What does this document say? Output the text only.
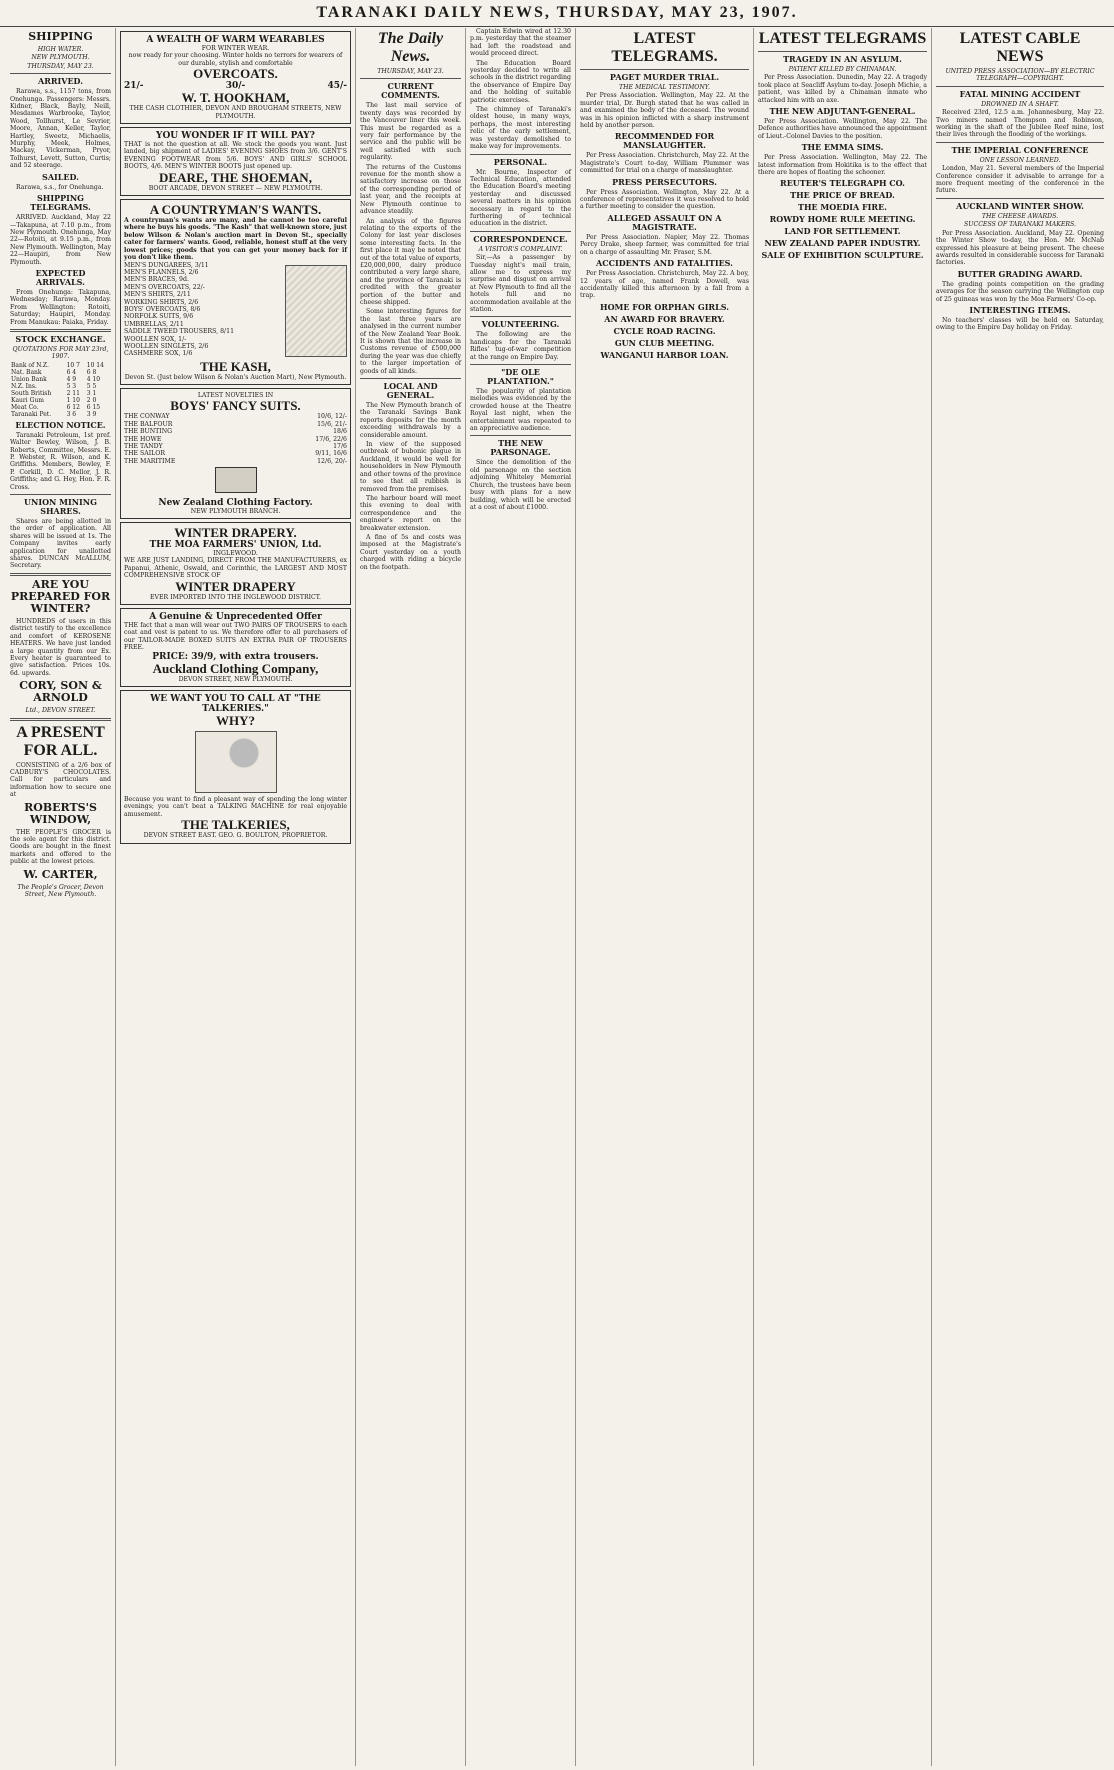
TARANAKI DAILY NEWS, THURSDAY, MAY 23, 1907.
SHIPPING
HIGH WATER.
NEW PLYMOUTH.
THURSDAY, MAY 23.
ARRIVED.
Rarawa, s.s., 1157 tons, from Onehunga. Passengers: Messrs. Kidner, Black, Bayly, Neill, Mesdames Warbrooke, Taylor, Wood, Tollhurst, Le Sevrier, Moore, Annan, Keller, Taylor, Hartley, Sweetz, Michaelis, Murphy, Meek, Holmes, Mackay, Vickerman, Pryor, Tolhurst, Levett, Sutton, Curtis; and 52 steerage.
SAILED.
Rarawa, s.s., for Onehunga.
SHIPPING TELEGRAMS.
ARRIVED. Auckland, May 22—Takapuna, at 7.10 p.m., from New Plymouth. Onehunga, May 22—Rotoiti, at 9.15 p.m., from New Plymouth. Wellington, May 22—Haupiri, from New Plymouth.
EXPECTED ARRIVALS.
From Onehunga: Takapuna, Wednesday; Rarawa, Monday. From Wellington: Rotoiti, Saturday; Haupiri, Monday. From Manukau: Paiaka, Friday.
STOCK EXCHANGE.
QUOTATIONS FOR MAY 23rd, 1907.
Bank of N.Z.	10 7	10 14
Nat. Bank	6 4	6 8
Union Bank	4 9	4 10
N.Z. Ins.	5 3	5 5
South British	2 11	3 1
Kauri Gum	1 10	2 0
Meat Co.	6 12	6 15
Taranaki Pet.	3 6	3 9
ELECTION NOTICE.
Taranaki Petroleum, 1st pref. Walter Bewley, Wilson, J. B. Roberts, Committee, Messrs. E. P. Webster, R. Wilson, and K. Griffiths. Members, Bewley, F. P. Corkill, D. C. Mellor, J. R. Griffiths; and G. Hey, Hon. F. R. Cross.
UNION MINING SHARES.
Shares are being allotted in the order of application. All shares will be issued at 1s. The Company invites early application for unallotted shares. DUNCAN McALLUM, Secretary.
ARE YOU PREPARED FOR WINTER?
HUNDREDS of users in this district testify to the excellence and comfort of KEROSENE HEATERS. We have just landed a large quantity from our Ex. Every heater is guaranteed to give satisfaction. Prices 10s. 6d. upwards.
CORY, SON & ARNOLD
Ltd., DEVON STREET.
A PRESENT FOR ALL.
CONSISTING of a 2/6 box of CADBURY'S CHOCOLATES. Call for particulars and information how to secure one at
ROBERTS'S WINDOW,
THE PEOPLE'S GROCER is the sole agent for this district. Goods are bought in the finest markets and offered to the public at the lowest prices.
W. CARTER,
The People's Grocer, Devon Street, New Plymouth.
A WEALTH OF WARM WEARABLES
FOR WINTER WEAR.
now ready for your choosing. Winter holds no terrors for wearers of our durable, stylish and comfortable
OVERCOATS.
21/-	30/-	45/-
W. T. HOOKHAM,
THE CASH CLOTHIER, DEVON AND BROUGHAM STREETS, NEW PLYMOUTH.
YOU WONDER IF IT WILL PAY?
THAT is not the question at all. We stock the goods you want. Just landed, big shipment of LADIES' EVENING SHOES from 3/6. GENT'S EVENING FOOTWEAR from 5/6. BOYS' AND GIRLS' SCHOOL BOOTS, 4/6. MEN'S WINTER BOOTS just opened up.
DEARE, THE SHOEMAN,
BOOT ARCADE, DEVON STREET — NEW PLYMOUTH.
A COUNTRYMAN'S WANTS.
A countryman's wants are many, and he cannot be too careful where he buys his goods. "The Kash" that well-known store, just below Wilson & Nolan's auction mart in Devon St., specially cater for farmers' wants. Good, reliable, honest stuff at the very lowest prices; goods that you can get your money back for if you don't like them.
MEN'S DUNGAREES, 3/11
MEN'S FLANNELS, 2/6
MEN'S BRACES, 9d.
MEN'S OVERCOATS, 22/-
MEN'S SHIRTS, 2/11
WORKING SHIRTS, 2/6
BOYS' OVERCOATS, 8/6
NORFOLK SUITS, 9/6
UMBRELLAS, 2/11
SADDLE TWEED TROUSERS, 8/11
WOOLLEN SOX, 1/-
WOOLLEN SINGLETS, 2/6
CASHMERE SOX, 1/6
THE KASH,
Devon St. (Just below Wilson & Nolan's Auction Mart), New Plymouth.
LATEST NOVELTIES IN
BOYS' FANCY SUITS.
THE CONWAY	10/6, 12/-
THE BALFOUR	15/6, 21/-
THE BUNTING	18/6
THE HOWE	17/6, 22/6
THE TANDY	17/6
THE SAILOR	9/11, 16/6
THE MARITIME	12/6, 20/-
New Zealand Clothing Factory.
NEW PLYMOUTH BRANCH.
WINTER DRAPERY.
THE MOA FARMERS' UNION, Ltd.
INGLEWOOD.
WE ARE JUST LANDING, DIRECT FROM THE MANUFACTURERS, ex Papanui, Athenic, Oswald, and Corinthic, the LARGEST AND MOST COMPREHENSIVE STOCK OF
WINTER DRAPERY
EVER IMPORTED INTO THE INGLEWOOD DISTRICT.
A Genuine & Unprecedented Offer
THE fact that a man will wear out TWO PAIRS OF TROUSERS to each coat and vest is patent to us. We therefore offer to all purchasers of our TAILOR-MADE BOXED SUITS AN EXTRA PAIR OF TROUSERS FREE.
PRICE: 39/9, with extra trousers.
Auckland Clothing Company,
DEVON STREET, NEW PLYMOUTH.
WE WANT YOU TO CALL AT "THE TALKERIES."
WHY?
Because you want to find a pleasant way of spending the long winter evenings; you can't beat a TALKING MACHINE for real enjoyable amusement.
THE TALKERIES,
DEVON STREET EAST. GEO. G. BOULTON, PROPRIETOR.
The Daily News.
THURSDAY, MAY 23.
CURRENT COMMENTS.
The last mail service of twenty days was recorded by the Vancouver liner this week. This must be regarded as a very fair performance by the service and the public will be well satisfied with such regularity.
The returns of the Customs revenue for the month show a satisfactory increase on those of the corresponding period of last year, and the receipts at New Plymouth continue to advance steadily.
An analysis of the figures relating to the exports of the Colony for last year discloses some interesting facts. In the first place it may be noted that out of the total value of exports, £20,000,000, dairy produce contributed a very large share, and the province of Taranaki is credited with the greater portion of the butter and cheese shipped.
Some interesting figures for the last three years are analysed in the current number of the New Zealand Year Book. It is shown that the increase in Customs revenue of £500,000 during the year was due chiefly to the larger importation of goods of all kinds.
LOCAL AND GENERAL.
The New Plymouth branch of the Taranaki Savings Bank reports deposits for the month exceeding withdrawals by a considerable amount.
In view of the supposed outbreak of bubonic plague in Auckland, it would be well for householders in New Plymouth and other towns of the province to see that all rubbish is removed from the premises.
The harbour board will meet this evening to deal with correspondence and the engineer's report on the breakwater extension.
A fine of 5s and costs was imposed at the Magistrate's Court yesterday on a youth charged with riding a bicycle on the footpath.
Captain Edwin wired at 12.30 p.m. yesterday that the steamer had left the roadstead and would proceed direct.
The Education Board yesterday decided to write all schools in the district regarding the observance of Empire Day and the holding of suitable patriotic exercises.
The chimney of Taranaki's oldest house, in many ways, perhaps, the most interesting relic of the early settlement, was yesterday demolished to make way for improvements.
PERSONAL.
Mr. Bourne, Inspector of Technical Education, attended the Education Board's meeting yesterday and discussed several matters in his opinion necessary in regard to the furthering of technical education in the district.
CORRESPONDENCE.
A VISITOR'S COMPLAINT.
Sir,—As a passenger by Tuesday night's mail train, allow me to express my surprise and disgust on arrival at New Plymouth to find all the hotels full and no accommodation available at the station.
VOLUNTEERING.
The following are the handicaps for the Taranaki Rifles' tug-of-war competition at the range on Empire Day.
"DE OLE PLANTATION."
The popularity of plantation melodies was evidenced by the crowded house at the Theatre Royal last night, when the entertainment was repeated to an appreciative audience.
THE NEW PARSONAGE.
Since the demolition of the old parsonage on the section adjoining Whiteley Memorial Church, the trustees have been busy with plans for a new building, which will be erected at a cost of about £1000.
LATEST TELEGRAMS.
PAGET MURDER TRIAL.
THE MEDICAL TESTIMONY.
Per Press Association. Wellington, May 22. At the murder trial, Dr. Burgh stated that he was called in and examined the body of the deceased. The wound was in his opinion inflicted with a sharp instrument held by another person.
RECOMMENDED FOR MANSLAUGHTER.
Per Press Association. Christchurch, May 22. At the Magistrate's Court to-day, William Plummer was committed for trial on a charge of manslaughter.
PRESS PERSECUTORS.
Per Press Association. Wellington, May 22. At a conference of representatives it was resolved to hold a further meeting to consider the question.
ALLEGED ASSAULT ON A MAGISTRATE.
Per Press Association. Napier, May 22. Thomas Percy Drake, sheep farmer, was committed for trial on a charge of assaulting Mr. Fraser, S.M.
ACCIDENTS AND FATALITIES.
Per Press Association. Christchurch, May 22. A boy, 12 years of age, named Frank Dowell, was accidentally killed this afternoon by a fall from a trap.
HOME FOR ORPHAN GIRLS.
AN AWARD FOR BRAVERY.
CYCLE ROAD RACING.
GUN CLUB MEETING.
WANGANUI HARBOR LOAN.
LATEST TELEGRAMS
TRAGEDY IN AN ASYLUM.
PATIENT KILLED BY CHINAMAN.
Per Press Association. Dunedin, May 22. A tragedy took place at Seacliff Asylum to-day. Joseph Michie, a patient, was killed by a Chinaman inmate who attacked him with an axe.
THE NEW ADJUTANT-GENERAL.
Per Press Association. Wellington, May 22. The Defence authorities have announced the appointment of Lieut.-Colonel Davies to the position.
THE EMMA SIMS.
Per Press Association. Wellington, May 22. The latest information from Hokitika is to the effect that there are hopes of floating the schooner.
REUTER'S TELEGRAPH CO.
THE PRICE OF BREAD.
THE MOEDIA FIRE.
ROWDY HOME RULE MEETING.
LAND FOR SETTLEMENT.
NEW ZEALAND PAPER INDUSTRY.
SALE OF EXHIBITION SCULPTURE.
LATEST CABLE NEWS
UNITED PRESS ASSOCIATION—BY ELECTRIC TELEGRAPH—COPYRIGHT.
FATAL MINING ACCIDENT
DROWNED IN A SHAFT.
Received 23rd, 12.5 a.m. Johannesburg, May 22. Two miners named Thompson and Robinson, working in the shaft of the Jubilee Reef mine, lost their lives through the flooding of the workings.
THE IMPERIAL CONFERENCE
ONE LESSON LEARNED.
London, May 21. Several members of the Imperial Conference consider it advisable to arrange for a more frequent meeting of the conference in the future.
AUCKLAND WINTER SHOW.
THE CHEESE AWARDS.
SUCCESS OF TARANAKI MAKERS.
Per Press Association. Auckland, May 22. Opening the Winter Show to-day, the Hon. Mr. McNab expressed his pleasure at being present. The cheese awards resulted in considerable success for Taranaki factories.
BUTTER GRADING AWARD.
The grading points competition on the grading averages for the season carrying the Wellington cup of 25 guineas was won by the Moa Farmers' Co-op.
INTERESTING ITEMS.
No teachers' classes will be held on Saturday, owing to the Empire Day holiday on Friday.
